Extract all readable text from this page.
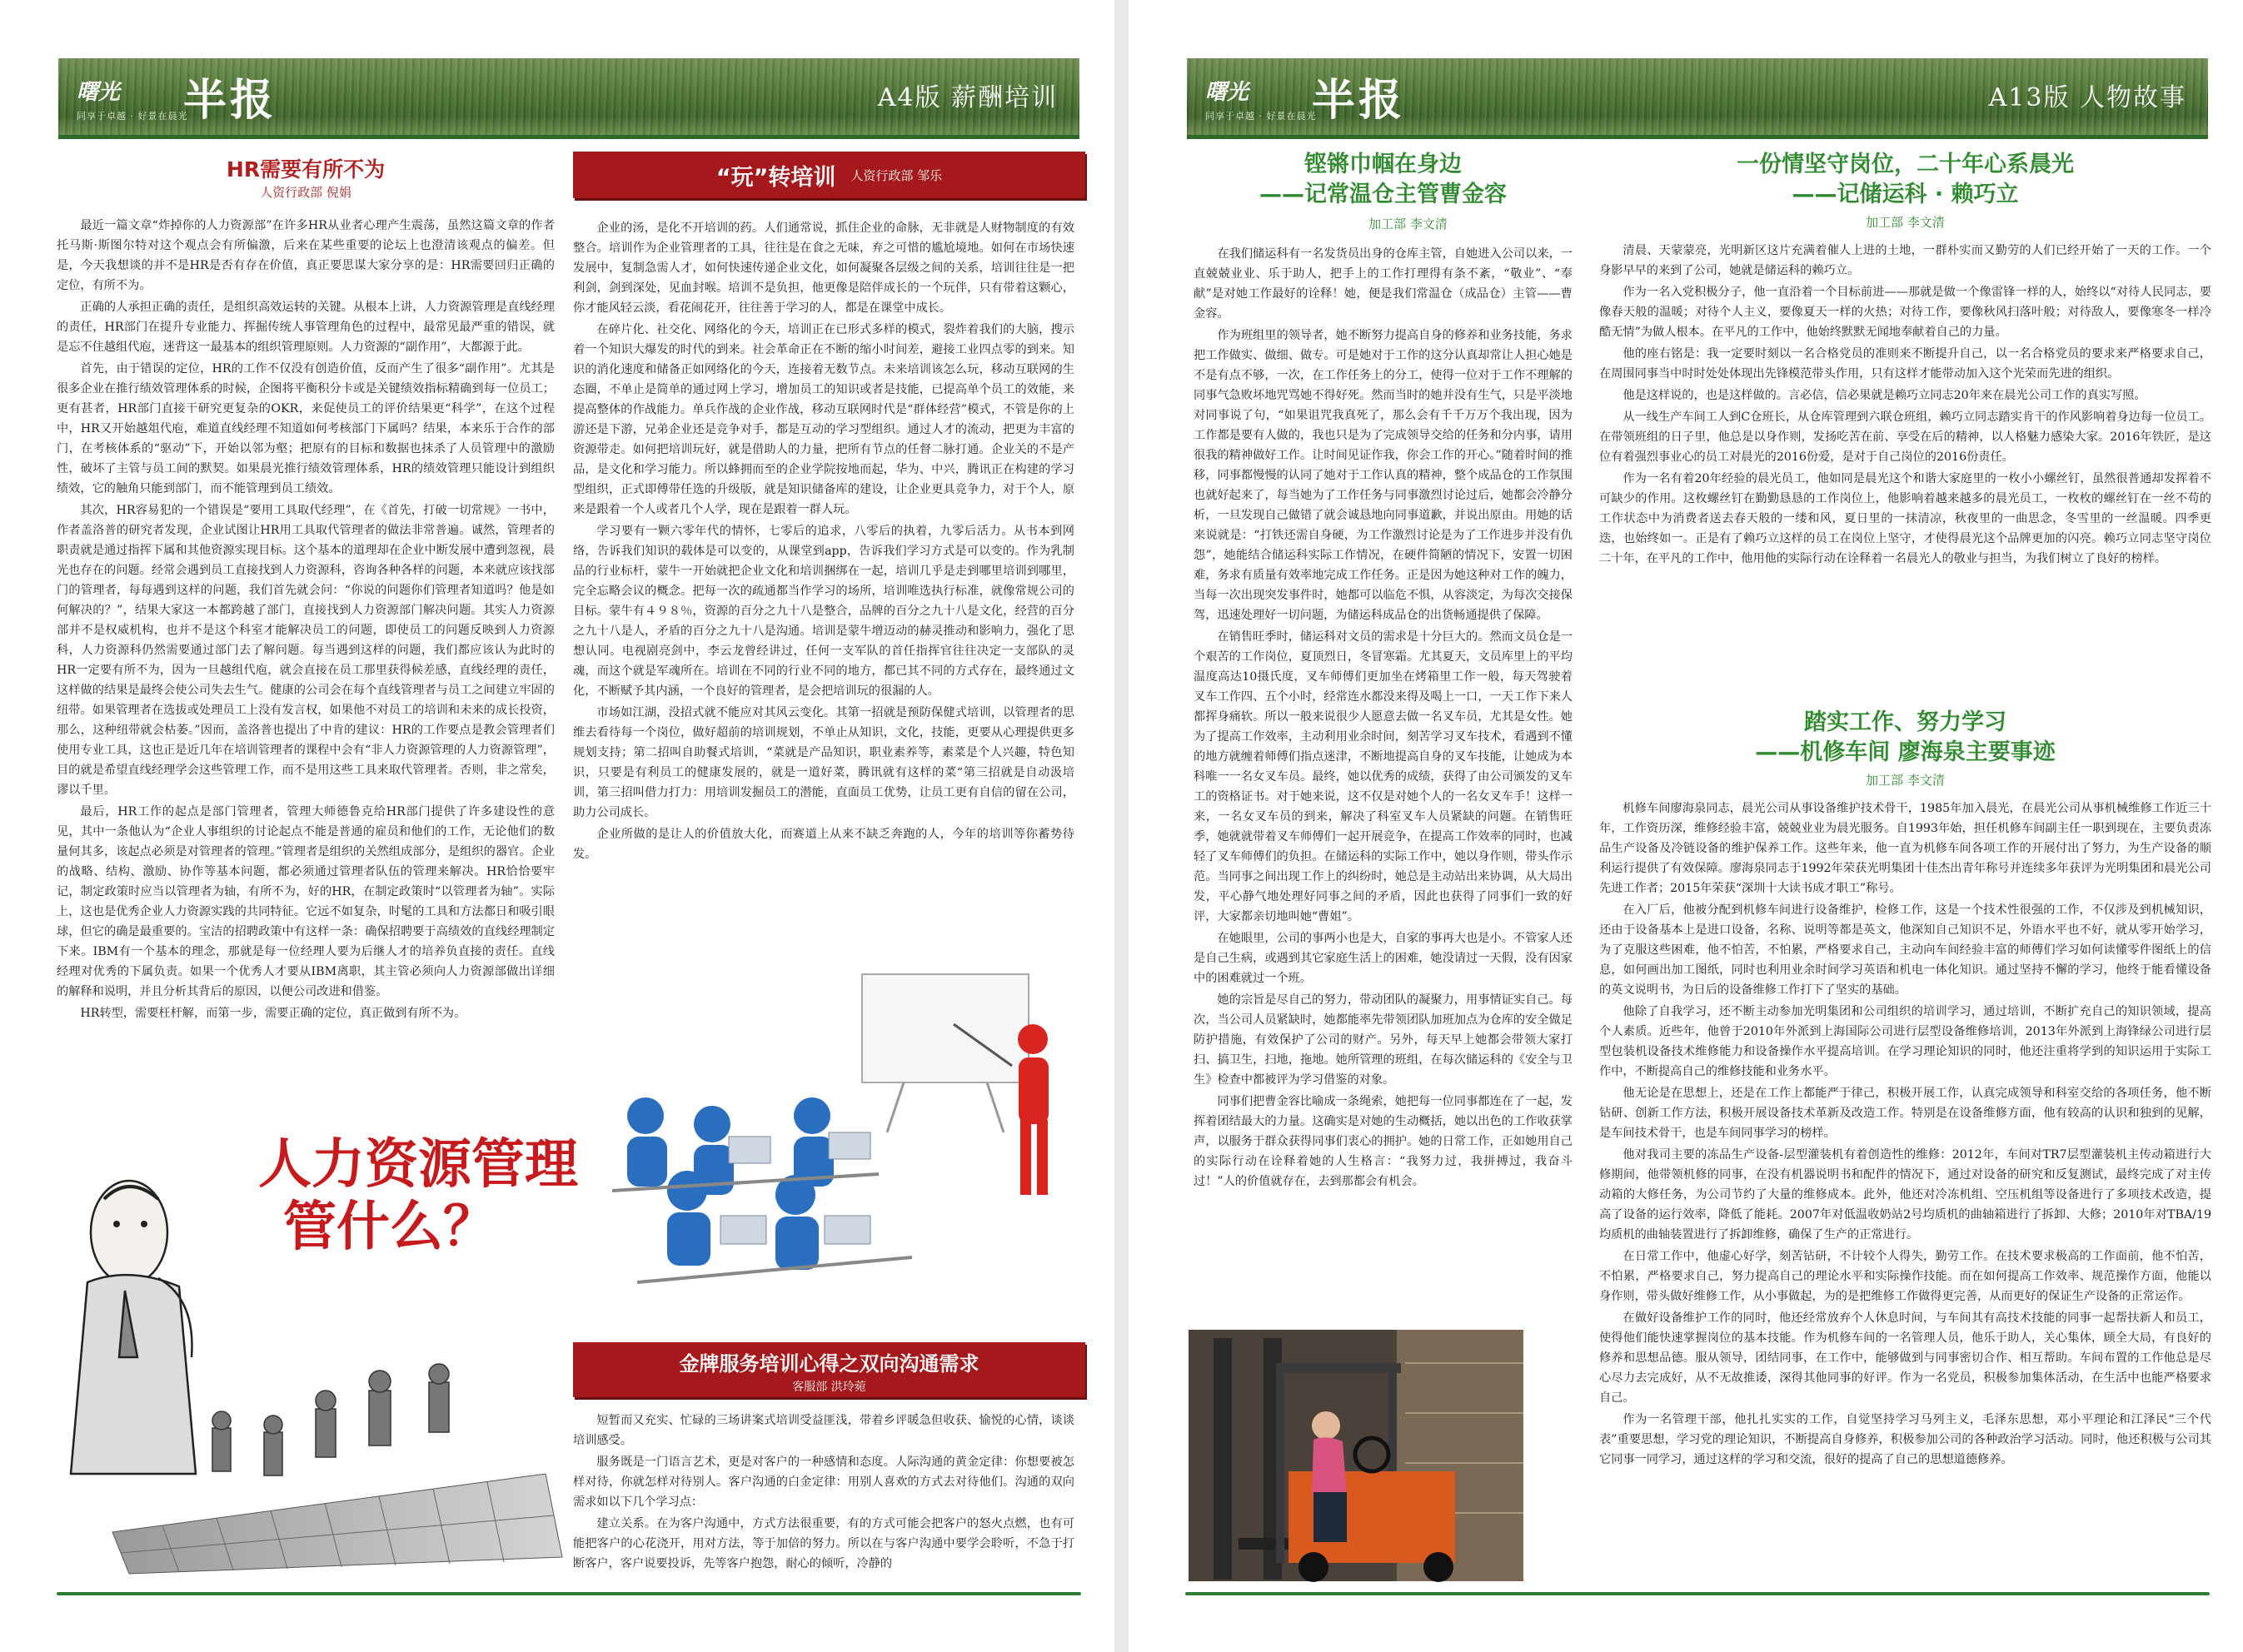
曙光
同享于卓越 · 好景在晨光
半报	A4版 薪酬培训
HR需要有所不为
人资行政部 倪娟

最近一篇文章“炸掉你的人力资源部”在许多HR从业者心理产生震荡，虽然这篇文章的作者托马斯·斯图尔特对这个观点会有所偏激，后来在某些重要的论坛上也澄清该观点的偏差。但是，今天我想谈的并不是HR是否有存在价值，真正要思谋大家分享的是：HR需要回归正确的定位，有所不为。

正确的人承担正确的责任，是组织高效运转的关键。从根本上讲，人力资源管理是直线经理的责任，HR部门在提升专业能力、挥掘传统人事管理角色的过程中，最常见最严重的错误，就是忘不住越组代庖，迷背这一最基本的组织管理原则。人力资源的“副作用”，大都源于此。

首先，由于错误的定位，HR的工作不仅没有创造价值，反而产生了很多“副作用”。尤其是很多企业在推行绩效管理体系的时候，企图将平衡积分卡或是关键绩效指标精确到每一位员工；更有甚者，HR部门直接干研究更复杂的OKR，来促使员工的评价结果更“科学”，在这个过程中，HR又开始越俎代庖，难道直线经理不知道如何考核部门下属吗？结果，本来乐于合作的部门，在考核体系的“驱动”下，开始以邻为壑；把原有的目标和数据也抹杀了人员管理中的激励性，破坏了主管与员工间的默契。如果晨光推行绩效管理体系，HR的绩效管理只能设计到组织绩效，它的触角只能到部门，而不能管理到员工绩效。

其次，HR容易犯的一个错误是“要用工具取代经理”，在《首先，打破一切常规》一书中，作者盖洛普的研究者发现，企业试图让HR用工具取代管理者的做法非常普遍。诚然，管理者的职责就是通过指挥下属和其他资源实现目标。这个基本的道理却在企业中断发展中遭到忽视，晨光也存在的问题。经常会遇到员工直接找到人力资源科，咨询各种各样的问题，本来就应该找部门的管理者，每每遇到这样的问题，我们首先就会问：“你说的问题你们管理者知道吗？他是如何解决的？”，结果大家这一本都跨越了部门，直接找到人力资源部门解决问题。其实人力资源部并不是权威机构，也并不是这个科室才能解决员工的问题，即使员工的问题反映到人力资源科，人力资源科仍然需要通过部门去了解问题。每当遇到这样的问题，我们都应该认为此时的HR一定要有所不为，因为一旦越组代庖，就会直接在员工那里获得候差感，直线经理的责任，这样做的结果是最终会使公司失去生气。健康的公司会在每个直线管理者与员工之间建立牢固的纽带。如果管理者在选拔或处理员工上没有发言权，如果他不对员工的培训和未来的成长投资，那么，这种纽带就会枯萎。”因而，盖洛普也提出了中肯的建议：HR的工作要点是教会管理者们使用专业工具，这也正是近几年在培训管理者的课程中会有“非人力资源管理的人力资源管理”，目的就是希望直线经理学会这些管理工作，而不是用这些工具来取代管理者。否则，非之常矣，谬以千里。

最后，HR工作的起点是部门管理者，管理大师德鲁克给HR部门提供了许多建设性的意见，其中一条他认为“企业人事组织的讨论起点不能是普通的雇员和他们的工作，无论他们的数量何其多，该起点必须是对管理者的管理。”管理者是组织的关然组成部分，是组织的器官。企业的战略、结构、激励、协作等基本问题，都必须通过管理者队伍的管理来解决。HR恰恰要牢记，制定政策时应当以管理者为轴，有所不为，好的HR，在制定政策时“以管理者为轴”。实际上，这也是优秀企业人力资源实践的共同特征。它远不如复杂，时髦的工具和方法都日和吸引眼球，但它的确是最重要的。宝洁的招聘政策中有这样一条：确保招聘要于高绩效的直线经理制定下来。IBM有一个基本的理念，那就是每一位经理人要为后继人才的培养负直接的责任。直线经理对优秀的下属负责。如果一个优秀人才要从IBM离职，其主管必须向人力资源部做出详细的解释和说明，并且分析其背后的原因，以便公司改进和借鉴。

HR转型，需要枉杆解，而第一步，需要正确的定位，真正做到有所不为。

人力资源管理
管什么？
“玩”转培训 人资行政部 邹乐

企业的汤，是化不开培训的药。人们通常说，抓住企业的命脉，无非就是人财物制度的有效整合。培训作为企业管理者的工具，往往是在食之无味，弃之可惜的尴尬境地。如何在市场快速发展中，复制急需人才，如何快速传递企业文化，如何凝聚各层级之间的关系，培训往往是一把利剑，剑到深处，见血封喉。培训不是负担，他更像是陪伴成长的一个玩伴，只有带着这颗心，你才能风轻云淡，看花闹花开，往往善于学习的人，都是在课堂中成长。

在碎片化、社交化、网络化的今天，培训正在已形式多样的模式，裂炸着我们的大脑，搜示着一个知识大爆发的时代的到来。社会革命正在不断的缩小时间差，避接工业四点零的到来。知识的消化速度和储备正如网络化的今天，连接着无数节点。未来培训该怎么玩，移动互联网的生态圈，不单止是简单的通过网上学习，增加员工的知识或者是技能，已提高单个员工的效能，来提高整体的作战能力。单兵作战的企业作战，移动互联网时代是“群体经营”模式，不管是你的上游还是下游，兄弟企业还是竞争对手，都是互动的学习型组织。通过人才的流动，把更为丰富的资源带走。如何把培训玩好，就是借助人的力量，把所有节点的任督二脉打通。企业关的不是产品，是文化和学习能力。所以蜂拥而至的企业学院按地而起，华为、中兴，腾讯正在构建的学习型组织，正式即傅带任选的升级版，就是知识储备库的建设，让企业更具竞争力，对于个人，原来是跟着一个人或者几个人学，现在是跟着一群人玩。

学习要有一颗六零年代的情怀，七零后的追求，八零后的执着，九零后活力。从书本到网络，告诉我们知识的载体是可以变的，从课堂到app，告诉我们学习方式是可以变的。作为乳制品的行业标杆，蒙牛一开始就把企业文化和培训捆绑在一起，培训几乎是走到哪里培训到哪里，完全忘略会议的概念。把每一次的疏通都当作学习的场所，培训唯选执行标准，就像常规公司的目标。蒙牛有４９８％，资源的百分之九十八是整合，品牌的百分之九十八是文化，经营的百分之九十八是人，矛盾的百分之九十八是沟通。培训是蒙牛增迈动的赫灵推动和影响力，强化了思想认同。电视剧亮剑中，李云龙曾经讲过，任何一支军队的首任指挥官往往决定一支部队的灵魂，而这个就是军魂所在。培训在不同的行业不同的地方，都已其不同的方式存在，最终通过文化，不断赋予其内涵，一个良好的管理者，是会把培训玩的很漏的人。

市场如江湖，没招式就不能应对其风云变化。其第一招就是预防保健式培训，以管理者的思维去看待每一个岗位，做好超前的培训规划，不单止从知识，文化，技能，更要从心理提供更多规划支持；第二招叫自助餐式培训，“菜就是产品知识，职业素养等，素菜是个人兴趣，特色知识，只要是有利员工的健康发展的，就是一道好菜，腾讯就有这样的菜“第三招就是自动汲培训，第三招叫借力打力：用培训发掘员工的潜能，直面员工优势，让员工更有自信的留在公司，助力公司成长。

企业所做的是让人的价值放大化，而赛道上从来不缺乏奔跑的人，今年的培训等你蓄势待发。

金牌服务培训心得之双向沟通需求
客服部 洪玲菀

短暂而又充实、忙碌的三场讲案式培训受益匪浅，带着乡评暖急但收获、愉悦的心情，谈谈培训感受。

服务既是一门语言艺术，更是对客户的一种感情和态度。人际沟通的黄金定律：你想要被怎样对待，你就怎样对待别人。客户沟通的白金定律：用别人喜欢的方式去对待他们。沟通的双向需求如以下几个学习点：

建立关系。在为客户沟通中，方式方法很重要，有的方式可能会把客户的怒火点燃，也有可能把客户的心花浇开，用对方法，等于加倍的努力。所以在与客户沟通中要学会聆听，不急于打断客户，客户说要投诉，先等客户抱怨，耐心的倾听，冷静的

曙光
同享于卓越 · 好景在晨光
半报	A13版 人物故事
铿锵巾帼在身边
——记常温仓主管曹金容
加工部 李文清

在我们储运科有一名发货员出身的仓库主管，自她进入公司以来，一直兢兢业业、乐于助人，把手上的工作打理得有条不紊，“敬业”、“奉献”是对她工作最好的诠释！她，便是我们常温仓（成品仓）主管——曹金容。

作为班组里的领导者，她不断努力提高自身的修养和业务技能，务求把工作做实、做细、做专。可是她对于工作的这分认真却常让人担心她是不是有点不够，一次，在工作任务上的分工，使得一位对于工作不理解的同事气急败坏地咒骂她不得好死。然而当时的她并没有生气，只是平淡地对同事说了句，“如果诅咒我真死了，那么会有千千万万个我出现，因为工作都是要有人做的，我也只是为了完成领导交给的任务和分内事，请用很我的精神做好工作。让时间见证作我，你会工作的开心。”随着时间的推移，同事都慢慢的认同了她对于工作认真的精神，整个成品仓的工作氛围也就好起来了，每当她为了工作任务与同事激烈讨论过后，她都会冷静分析，一旦发现自己做错了就会诚恳地向同事道歉，并说出原由。用她的话来说就是：“打铁还需自身硬，为工作激烈讨论是为了工作进步并没有仇怨”，她能结合储运科实际工作情况，在硬件简陋的情况下，安置一切困难，务求有质量有效率地完成工作任务。正是因为她这种对工作的魄力，当每一次出现突发事件时，她都可以临危不惧，从容淡定，为每次交接保驾，迅速处理好一切问题，为储运科成品仓的出货畅通提供了保障。

在销售旺季时，储运科对文员的需求是十分巨大的。然而文员仓是一个艰苦的工作岗位，夏顶烈日，冬冒寒霜。尤其夏天，文员库里上的平均温度高达10摄氏度，叉车师傅们更加坐在烤箱里工作一般，每天驾驶着叉车工作四、五个小时，经常连水都没来得及喝上一口，一天工作下来人都挥身痛软。所以一般来说很少人愿意去做一名叉车员，尤其是女性。她为了提高工作效率，主动利用业余时间，刻苦学习叉车技术，看遇到不懂的地方就缠着师傅们指点迷津，不断地提高自身的叉车技能，让她成为本科唯一一名女叉车员。最终，她以优秀的成绩，获得了由公司颁发的叉车工的资格证书。对于她来说，这不仅是对她个人的一名女叉车手！这样一来，一名女叉车员的到来，解决了科室叉车人员紧缺的问题。在销售旺季，她就就带着叉车师傅们一起开展竞争，在提高工作效率的同时，也减轻了叉车师傅们的负担。在储运科的实际工作中，她以身作则，带头作示范。当同事之间出现工作上的纠纷时，她总是主动站出来协调，从大局出发，平心静气地处理好同事之间的矛盾，因此也获得了同事们一致的好评，大家都亲切地叫她“曹姐”。

在她眼里，公司的事两小也是大，自家的事再大也是小。不管家人还是自己生病，或遇到其它家庭生活上的困难，她没请过一天假，没有因家中的困难就过一个班。

她的宗旨是尽自己的努力，带动团队的凝聚力，用事情证实自己。每次，当公司人员紧缺时，她都能率先带领团队加班加点为仓库的安全做足防护措施，有效保护了公司的财产。另外，每天早上她都会带领大家打扫、搞卫生，扫地，拖地。她所管理的班组，在每次储运科的《安全与卫生》检查中都被评为学习借鉴的对象。

同事们把曹金容比喻成一条绳索，她把每一位同事都连在了一起，发挥着团结最大的力量。这确实是对她的生动概括，她以出色的工作收获掌声，以服务于群众获得同事们衷心的拥护。她的日常工作，正如她用自己的实际行动在诠释着她的人生格言：“我努力过，我拼搏过，我奋斗过！”人的价值就存在，去到那都会有机会。

一份情坚守岗位，二十年心系晨光
——记储运科 · 赖巧立
加工部 李文清

清晨、天蒙蒙亮，光明新区这片充满着催人上进的土地，一群朴实而又勤劳的人们已经开始了一天的工作。一个身影早早的来到了公司，她就是储运科的赖巧立。

作为一名入党积极分子，他一直沿着一个目标前进——那就是做一个像雷锋一样的人，始终以“对待人民同志，要像春天般的温暖；对待个人主义，要像夏天一样的火热；对待工作，要像秋风扫落叶般；对待敌人，要像寒冬一样冷酷无情”为做人根本。在平凡的工作中，他始终默默无闻地奉献着自己的力量。

他的座右铭是：我一定要时刻以一名合格党员的准则来不断提升自己，以一名合格党员的要求来严格要求自己，在周围同事当中时时处处体现出先锋模范带头作用，只有这样才能带动加入这个光荣而先进的组织。

他是这样说的，也是这样做的。言必信，信必果就是赖巧立同志20年来在晨光公司工作的真实写照。

从一线生产车间工人到C仓班长，从仓库管理到六联仓班组，赖巧立同志踏实肯干的作风影响着身边每一位员工。在带领班组的日子里，他总是以身作则，发扬吃苦在前、享受在后的精神，以人格魅力感染大家。2016年铁匠，是这位有着强烈事业心的员工对晨光的2016份爱，是对于自己岗位的2016份责任。

作为一名有着20年经验的晨光员工，他如同是晨光这个和谐大家庭里的一枚小小螺丝钉，虽然很普通却发挥着不可缺少的作用。这枚螺丝钉在勤勤恳恳的工作岗位上，他影响着越来越多的晨光员工，一枚枚的螺丝钉在一丝不苟的工作状态中为消费者送去春天般的一缕和风，夏日里的一抹清凉，秋夜里的一曲思念，冬雪里的一丝温暖。四季更迭，也始终如一。正是有了赖巧立这样的员工在岗位上坚守，才使得晨光这个品牌更加的闪亮。赖巧立同志坚守岗位二十年，在平凡的工作中，他用他的实际行动在诠释着一名晨光人的敬业与担当，为我们树立了良好的榜样。

踏实工作、努力学习
——机修车间 廖海泉主要事迹
加工部 李文清

机修车间廖海泉同志，晨光公司从事设备维护技术骨干，1985年加入晨光，在晨光公司从事机械维修工作近三十年，工作资历深，维修经验丰富，兢兢业业为晨光服务。自1993年始，担任机修车间副主任一职到现在，主要负责冻品生产设备及冷链设备的维护保养工作。这些年来，他一直为机修车间各项工作的开展付出了努力，为生产设备的顺利运行提供了有效保障。廖海泉同志于1992年荣获光明集团十佳杰出青年称号并连续多年获评为光明集团和晨光公司先进工作者；2015年荣获“深圳十大读书成才职工”称号。

在入厂后，他被分配到机修车间进行设备维护，检修工作，这是一个技术性很强的工作，不仅涉及到机械知识，还由于设备基本上是进口设备，名称、说明等都是英文，他深知自己知识不足，外语水平也不好，就从零开始学习，为了克服这些困难，他不怕苦，不怕累，严格要求自己，主动向车间经验丰富的师傅们学习如何读懂零件图纸上的信息，如何画出加工图纸，同时也利用业余时间学习英语和机电一体化知识。通过坚持不懈的学习，他终于能看懂设备的英文说明书，为日后的设备维修工作打下了坚实的基础。

他除了自我学习，还不断主动参加光明集团和公司组织的培训学习，通过培训，不断扩充自己的知识领域，提高个人素质。近些年，他曾于2010年外派到上海国际公司进行层型设备维修培训，2013年外派到上海锋绿公司进行层型包装机设备技术维修能力和设备操作水平提高培训。在学习理论知识的同时，他还注重将学到的知识运用于实际工作中，不断提高自己的维修技能和业务水平。

他无论是在思想上，还是在工作上都能严于律己，积极开展工作，认真完成领导和科室交给的各项任务，他不断钻研、创新工作方法，积极开展设备技术革新及改造工作。特别是在设备维修方面，他有较高的认识和独到的见解，是车间技术骨干，也是车间同事学习的榜样。

他对我司主要的冻品生产设备-层型灌装机有着创造性的维修：2012年，车间对TR7层型灌装机主传动箱进行大修期间，他带领机修的同事，在没有机器说明书和配件的情况下，通过对设备的研究和反复测试，最终完成了对主传动箱的大修任务，为公司节约了大量的维修成本。此外，他还对冷冻机组、空压机组等设备进行了多项技术改造，提高了设备的运行效率，降低了能耗。2007年对低温收奶站2号均质机的曲轴箱进行了拆卸、大修；2010年对TBA/19均质机的曲轴装置进行了拆卸维修，确保了生产的正常进行。

在日常工作中，他虚心好学，刻苦钻研，不计较个人得失，勤劳工作。在技术要求极高的工作面前，他不怕苦，不怕累，严格要求自己，努力提高自己的理论水平和实际操作技能。而在如何提高工作效率、规范操作方面，他能以身作则，带头做好维修工作，从小事做起，为的是把维修工作做得更完善，从而更好的保证生产设备的正常运作。

在做好设备维护工作的同时，他还经常放弃个人休息时间，与车间其有高技术技能的同事一起帮扶新人和员工，使得他们能快速掌握岗位的基本技能。作为机修车间的一名管理人员，他乐于助人，关心集体，顾全大局，有良好的修养和思想品德。服从领导，团结同事，在工作中，能够做到与同事密切合作、相互帮助。车间布置的工作他总是尽心尽力去完成好，从不无故推诿，深得其他同事的好评。作为一名党员，积极参加集体活动，在生活中也能严格要求自己。

作为一名管理干部，他扎扎实实的工作，自觉坚持学习马列主义，毛泽东思想，邓小平理论和江泽民“三个代表”重要思想，学习党的理论知识，不断提高自身修养，积极参加公司的各种政治学习活动。同时，他还积极与公司其它同事一同学习，通过这样的学习和交流，很好的提高了自己的思想道德修养。
